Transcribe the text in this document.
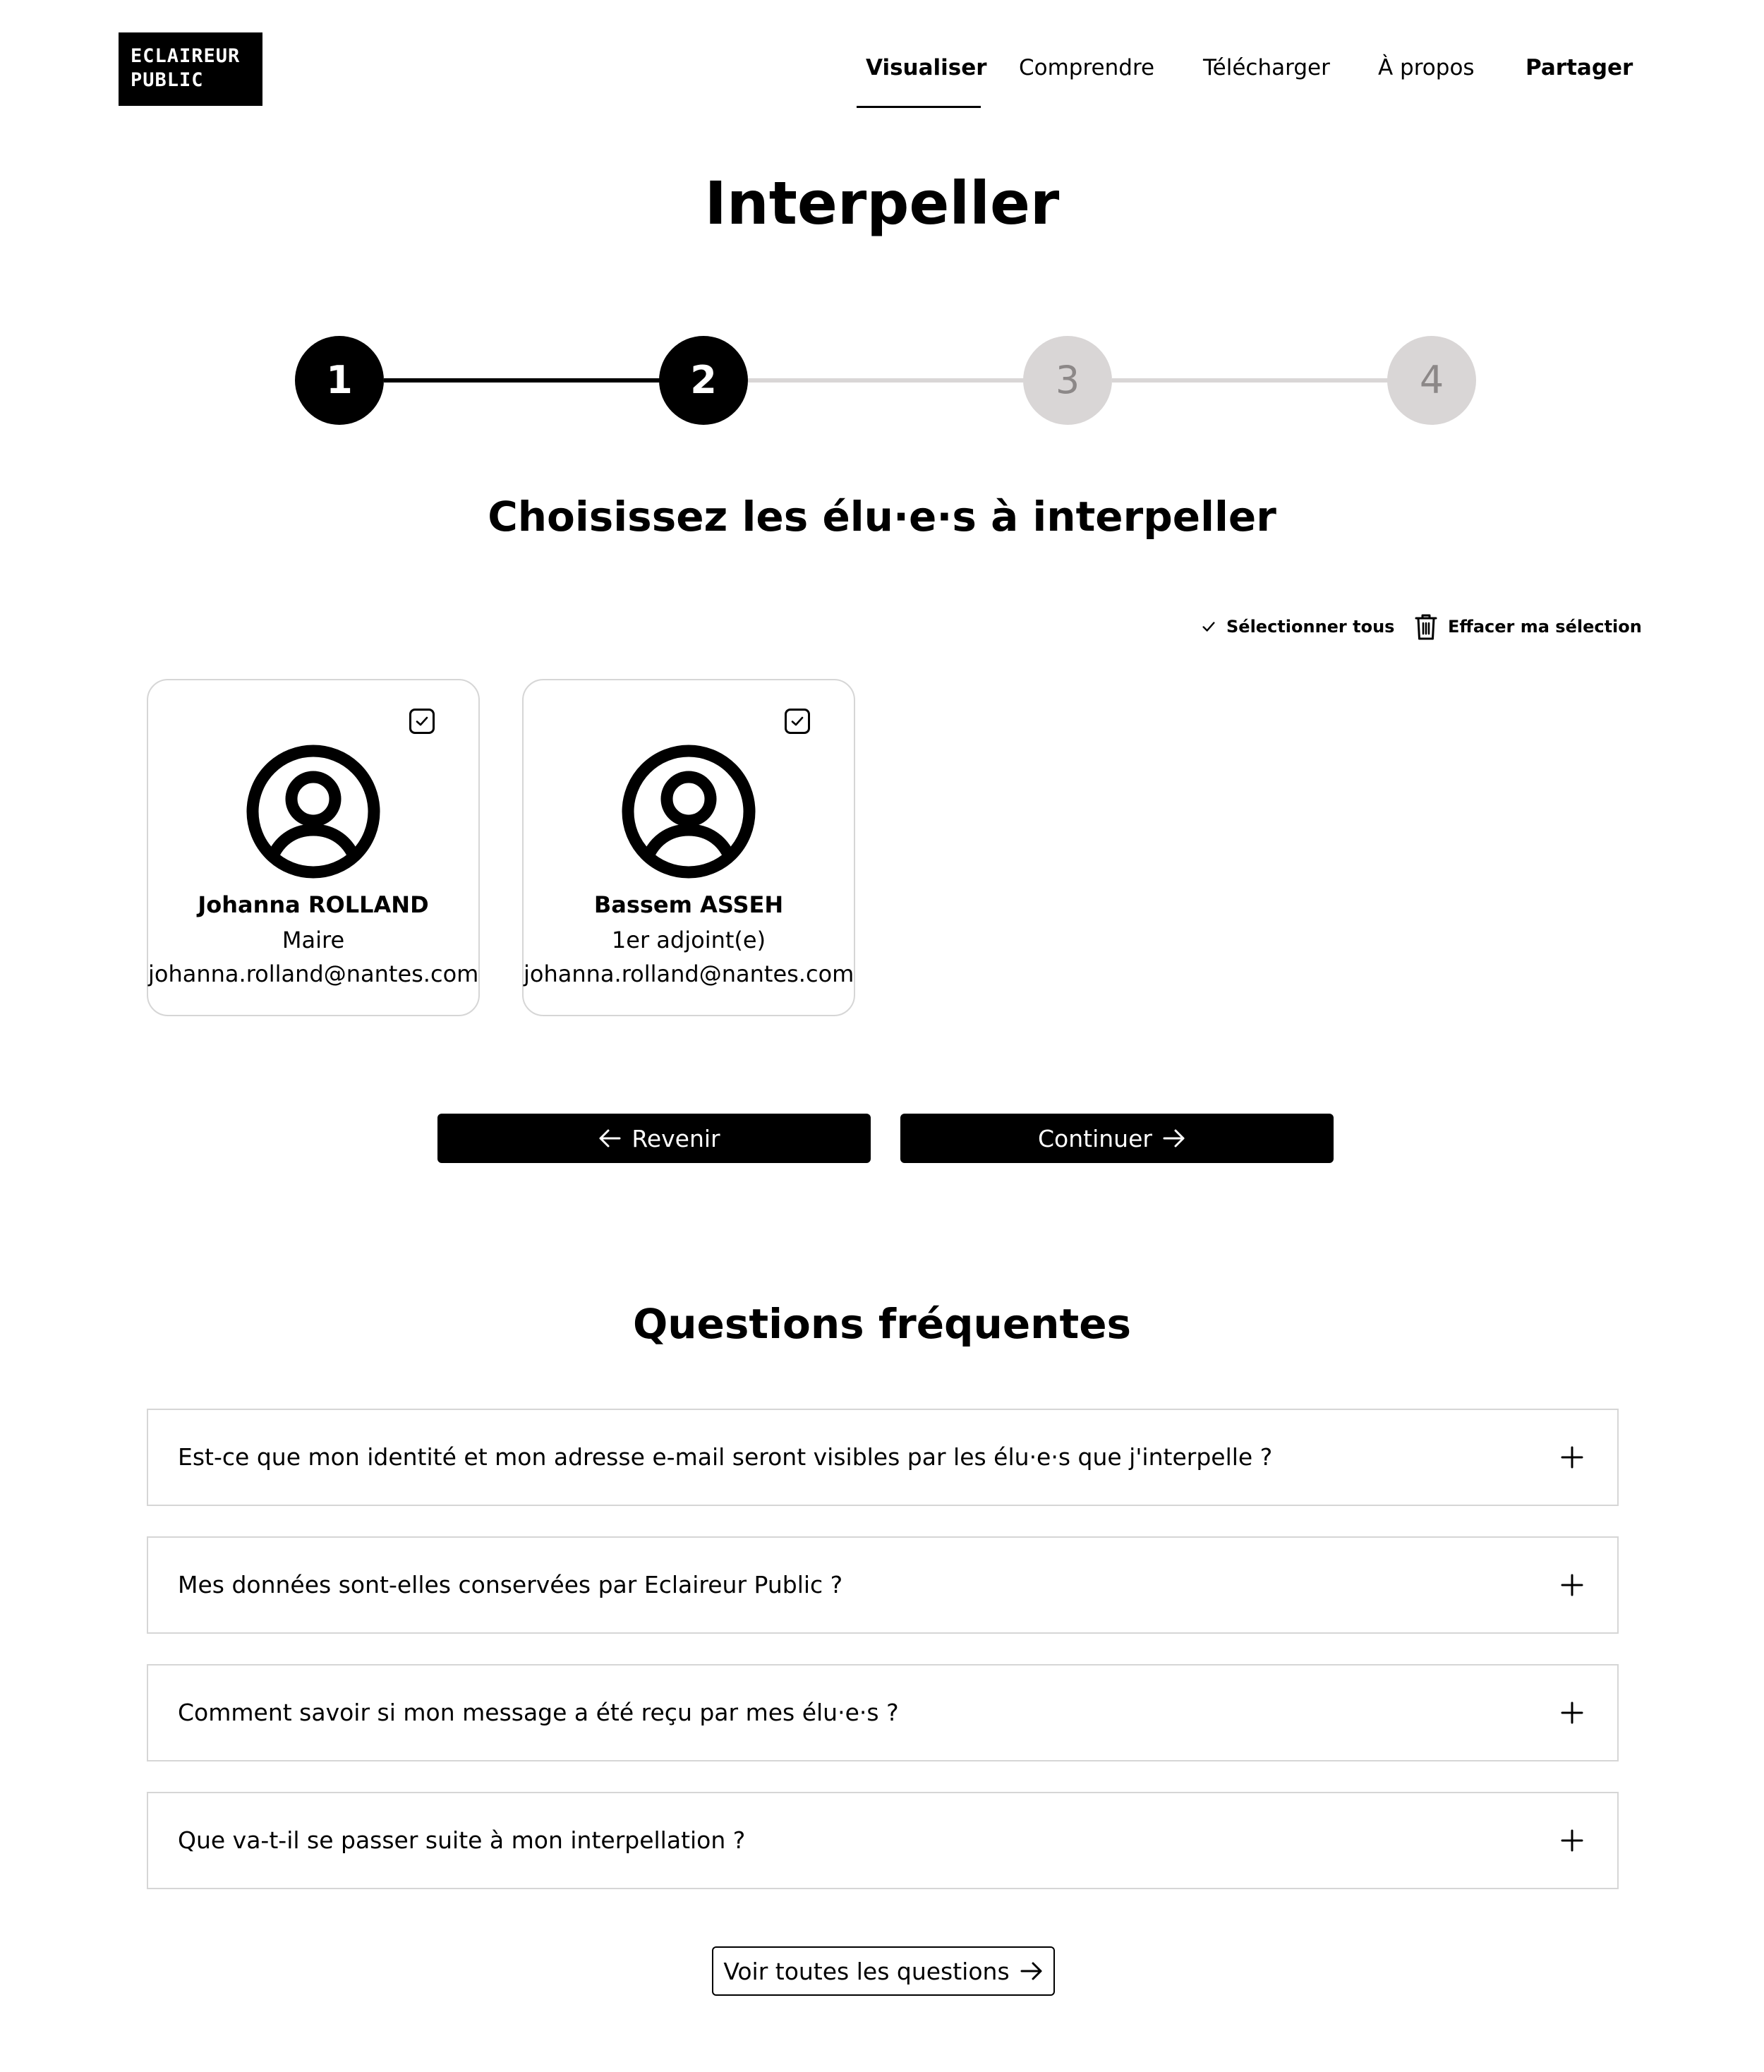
ECLAIREUR
PUBLIC	Visualiser Comprendre Télécharger À propos Partager
Interpeller
1	2	3	4
Choisissez les élu·e·s à interpeller
Sélectionner tous	Effacer ma sélection
Johanna ROLLAND
Maire
johanna.rolland@nantes.com
Bassem ASSEH
1er adjoint(e)
johanna.rolland@nantes.com
Revenir	Continuer
Questions fréquentes
Est-ce que mon identité et mon adresse e-mail seront visibles par les élu·e·s que j'interpelle ?
Mes données sont-elles conservées par Eclaireur Public ?
Comment savoir si mon message a été reçu par mes élu·e·s ?
Que va-t-il se passer suite à mon interpellation ?
Voir toutes les questions
